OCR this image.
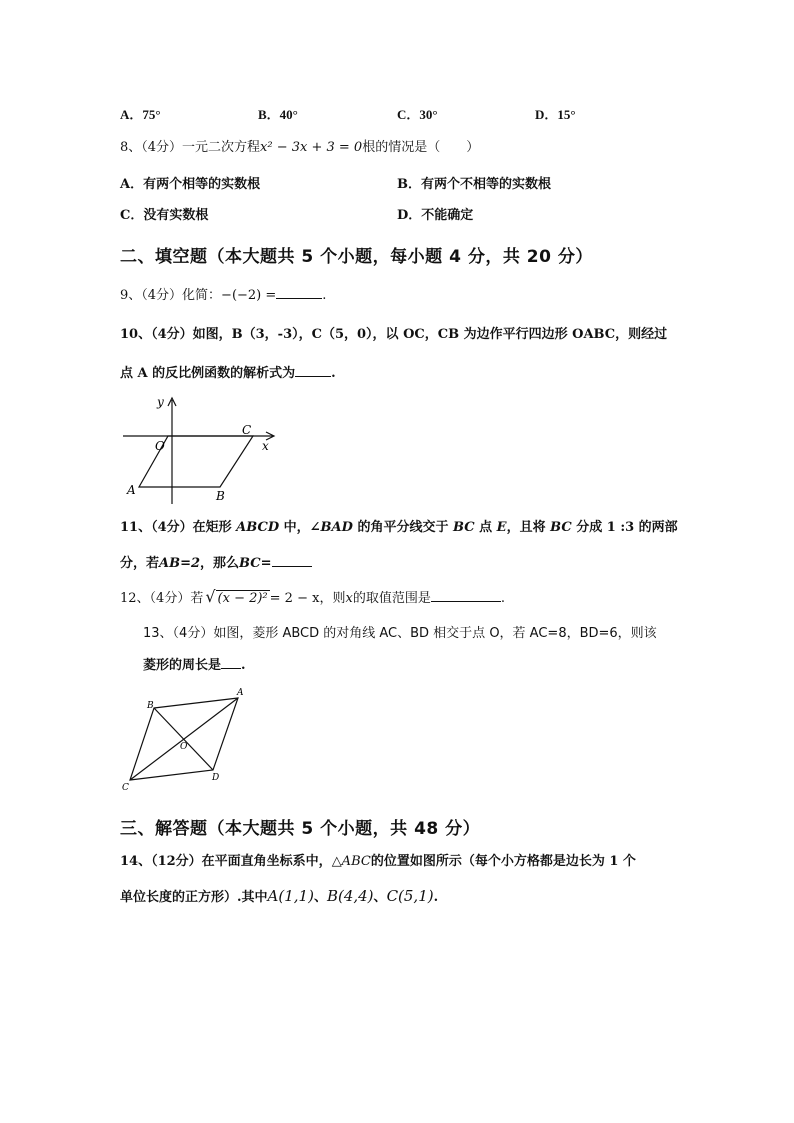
A．75°	B．40°	C．30°	D．15°
8、（4分）一元二次方程x² − 3x + 3 = 0根的情况是（　　）
A．有两个相等的实数根	B．有两个不相等的实数根
C．没有实数根	D．不能确定
二、填空题（本大题共 5 个小题，每小题 4 分，共 20 分）
9、（4分）化简：−(−2) =	.
10、（4分）如图，B（3，-3），C（5，0），以 OC，CB 为边作平行四边形 OABC，则经过
点 A 的反比例函数的解析式为	.
y
x
O
C
A	B
11、（4分）在矩形 ABCD 中，∠BAD 的角平分线交于 BC 点 E，且将 BC 分成 1 :3 的两部
分，若AB=2，那么BC=
12、（4分）若 √ (x − 2)² = 2 − x，则x的取值范围是	.
13、（4分）如图，菱形 ABCD 的对角线 AC、BD 相交于点 O，若 AC=8，BD=6，则该
菱形的周长是 .
A
B
C
D
O
三、解答题（本大题共 5 个小题，共 48 分）
14、（12分）在平面直角坐标系中，△ABC的位置如图所示（每个小方格都是边长为 1 个
单位长度的正方形）.其中A(1,1)、B(4,4)、C(5,1).
